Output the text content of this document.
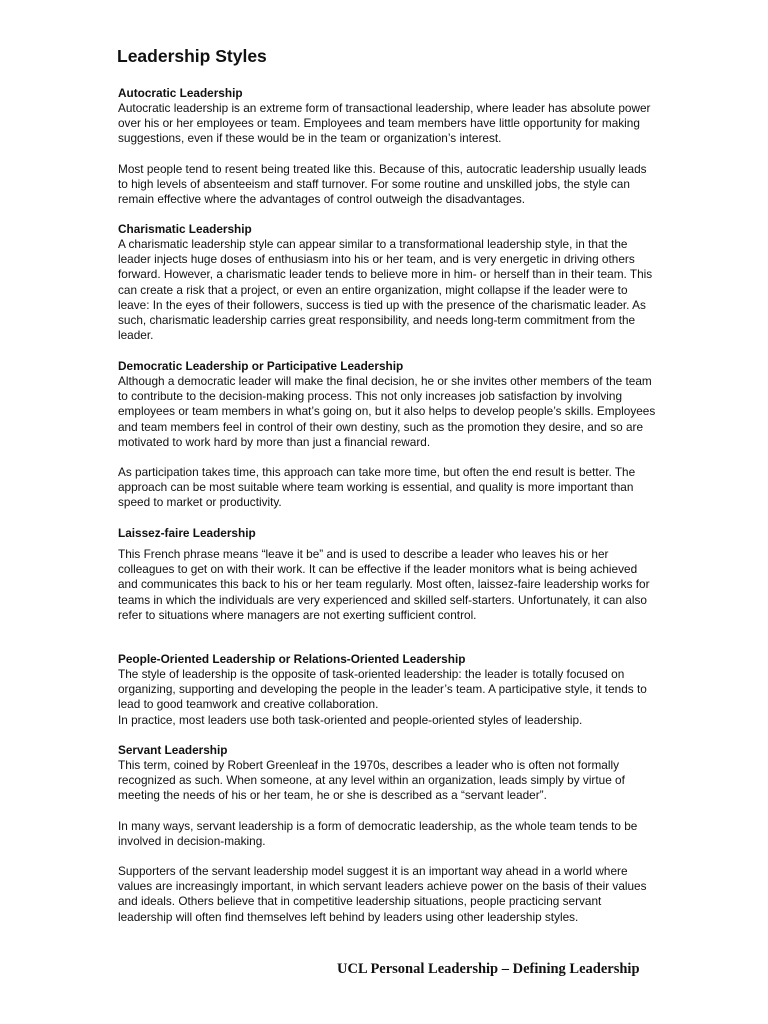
Leadership Styles
Autocratic Leadership

Autocratic leadership is an extreme form of transactional leadership, where leader has absolute power over his or her employees or team. Employees and team members have little opportunity for making suggestions, even if these would be in the team or organization’s interest.

Most people tend to resent being treated like this. Because of this, autocratic leadership usually leads to high levels of absenteeism and staff turnover. For some routine and unskilled jobs, the style can remain effective where the advantages of control outweigh the disadvantages.

Charismatic Leadership

A charismatic leadership style can appear similar to a transformational leadership style, in that the leader injects huge doses of enthusiasm into his or her team, and is very energetic in driving others forward. However, a charismatic leader tends to believe more in him- or herself than in their team. This can create a risk that a project, or even an entire organization, might collapse if the leader were to leave: In the eyes of their followers, success is tied up with the presence of the charismatic leader. As such, charismatic leadership carries great responsibility, and needs long-term commitment from the leader.

Democratic Leadership or Participative Leadership

Although a democratic leader will make the final decision, he or she invites other members of the team to contribute to the decision-making process. This not only increases job satisfaction by involving employees or team members in what’s going on, but it also helps to develop people’s skills. Employees and team members feel in control of their own destiny, such as the promotion they desire, and so are motivated to work hard by more than just a financial reward.

As participation takes time, this approach can take more time, but often the end result is better. The approach can be most suitable where team working is essential, and quality is more important than speed to market or productivity.

Laissez-faire Leadership

This French phrase means “leave it be” and is used to describe a leader who leaves his or her colleagues to get on with their work. It can be effective if the leader monitors what is being achieved and communicates this back to his or her team regularly. Most often, laissez-faire leadership works for teams in which the individuals are very experienced and skilled self-starters. Unfortunately, it can also refer to situations where managers are not exerting sufficient control.

People-Oriented Leadership or Relations-Oriented Leadership

The style of leadership is the opposite of task-oriented leadership: the leader is totally focused on organizing, supporting and developing the people in the leader’s team. A participative style, it tends to lead to good teamwork and creative collaboration.

In practice, most leaders use both task-oriented and people-oriented styles of leadership.

Servant Leadership

This term, coined by Robert Greenleaf in the 1970s, describes a leader who is often not formally recognized as such. When someone, at any level within an organization, leads simply by virtue of meeting the needs of his or her team, he or she is described as a “servant leader”.

In many ways, servant leadership is a form of democratic leadership, as the whole team tends to be involved in decision-making.

Supporters of the servant leadership model suggest it is an important way ahead in a world where values are increasingly important, in which servant leaders achieve power on the basis of their values and ideals. Others believe that in competitive leadership situations, people practicing servant leadership will often find themselves left behind by leaders using other leadership styles.

UCL Personal Leadership – Defining Leadership
